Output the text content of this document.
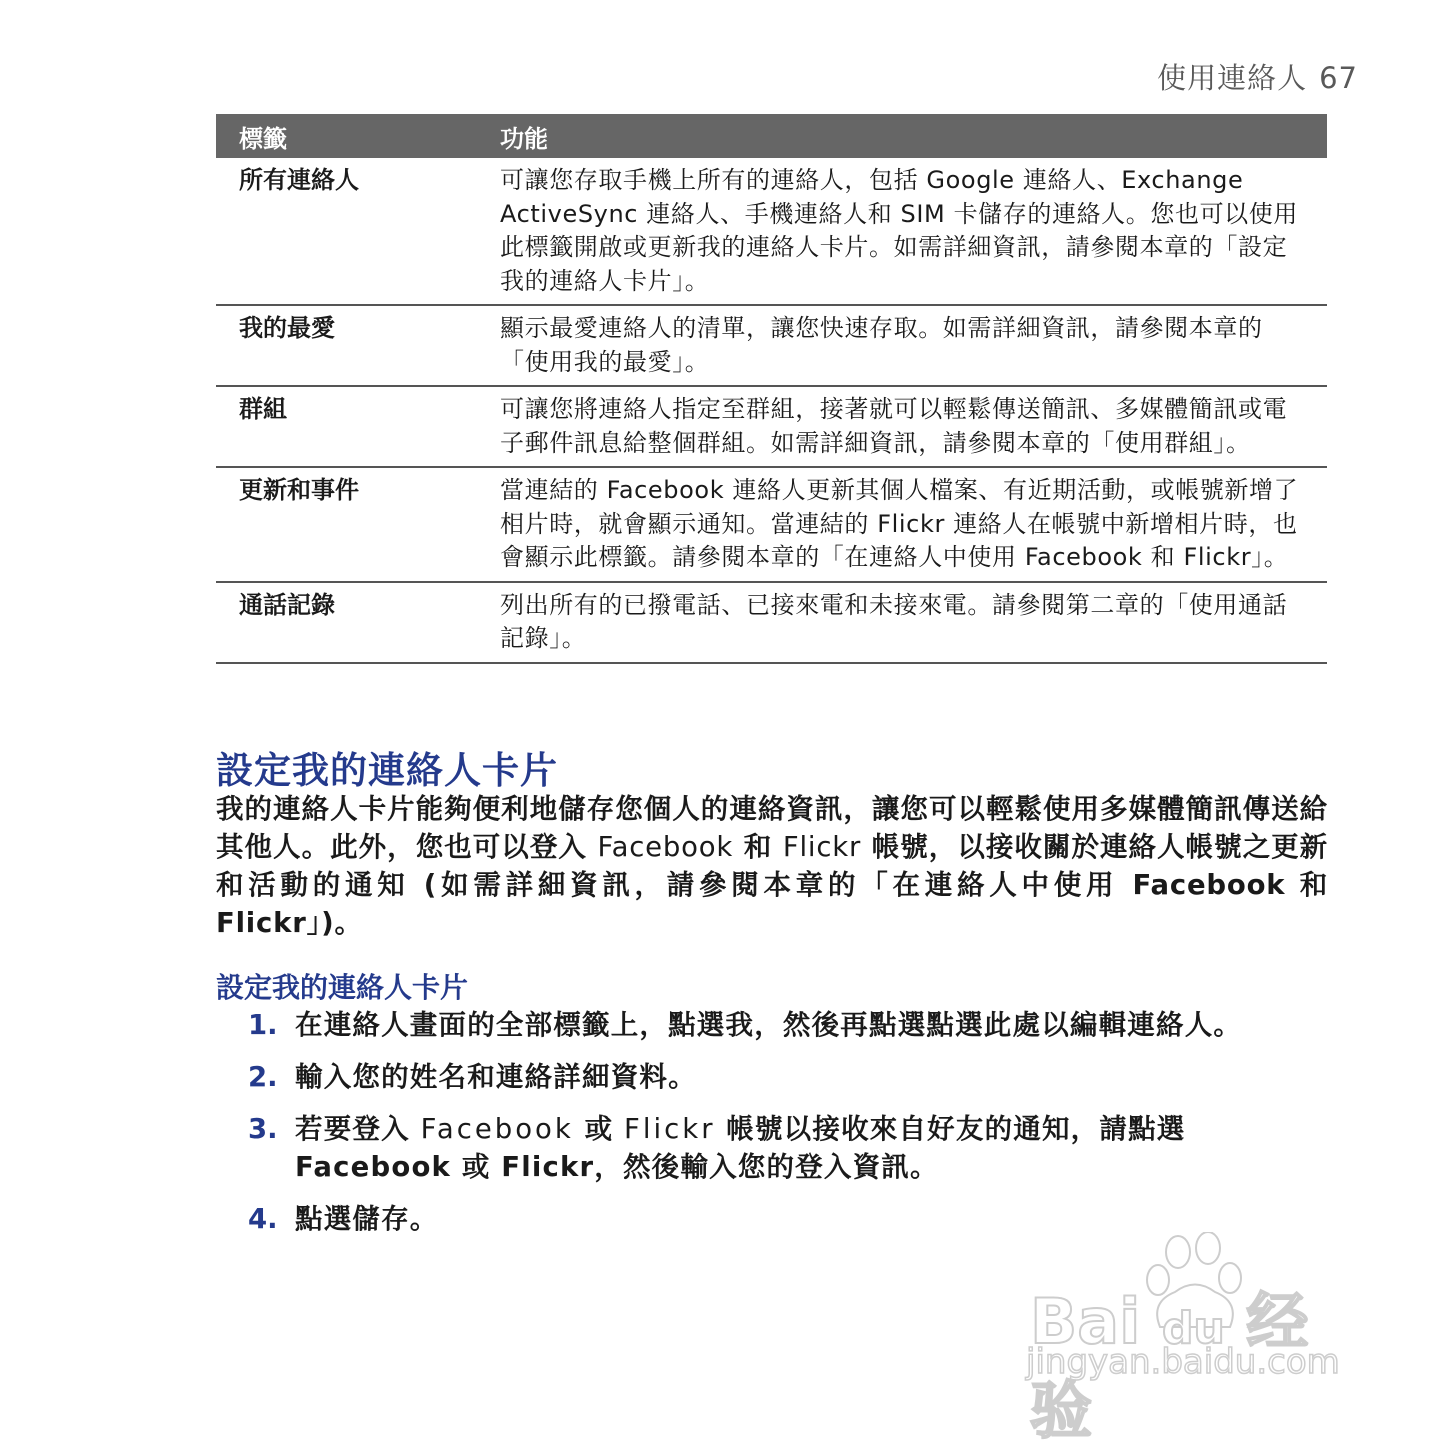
使用連絡人 67
標籤	功能
所有連絡人	可讓您存取手機上所有的連絡人，包括 Google 連絡人、Exchange ActiveSync 連絡人、手機連絡人和 SIM 卡儲存的連絡人。您也可以使用此標籤開啟或更新我的連絡人卡片。如需詳細資訊，請參閱本章的「設定我的連絡人卡片」。
我的最愛	顯示最愛連絡人的清單，讓您快速存取。如需詳細資訊，請參閱本章的「使用我的最愛」。
群組	可讓您將連絡人指定至群組，接著就可以輕鬆傳送簡訊、多媒體簡訊或電子郵件訊息給整個群組。如需詳細資訊，請參閱本章的「使用群組」。
更新和事件	當連結的 Facebook 連絡人更新其個人檔案、有近期活動，或帳號新增了相片時，就會顯示通知。當連結的 Flickr 連絡人在帳號中新增相片時，也會顯示此標籤。請參閱本章的「在連絡人中使用 Facebook 和 Flickr」。
通話記錄	列出所有的已撥電話、已接來電和未接來電。請參閱第二章的「使用通話記錄」。
設定我的連絡人卡片
我的連絡人卡片能夠便利地儲存您個人的連絡資訊，讓您可以輕鬆使用多媒體簡訊傳送給其他人。此外，您也可以登入 Facebook 和 Flickr 帳號，以接收關於連絡人帳號之更新和活動的通知 (如需詳細資訊，請參閱本章的「在連絡人中使用 Facebook 和 Flickr」)。
設定我的連絡人卡片
1. 在連絡人畫面的全部標籤上，點選我，然後再點選點選此處以編輯連絡人。
2. 輸入您的姓名和連絡詳細資料。
3. 若要登入 Facebook 或 Flickr 帳號以接收來自好友的通知，請點選 Facebook 或 Flickr，然後輸入您的登入資訊。
4. 點選儲存。
Bai du 经验
jingyan.baidu.com
